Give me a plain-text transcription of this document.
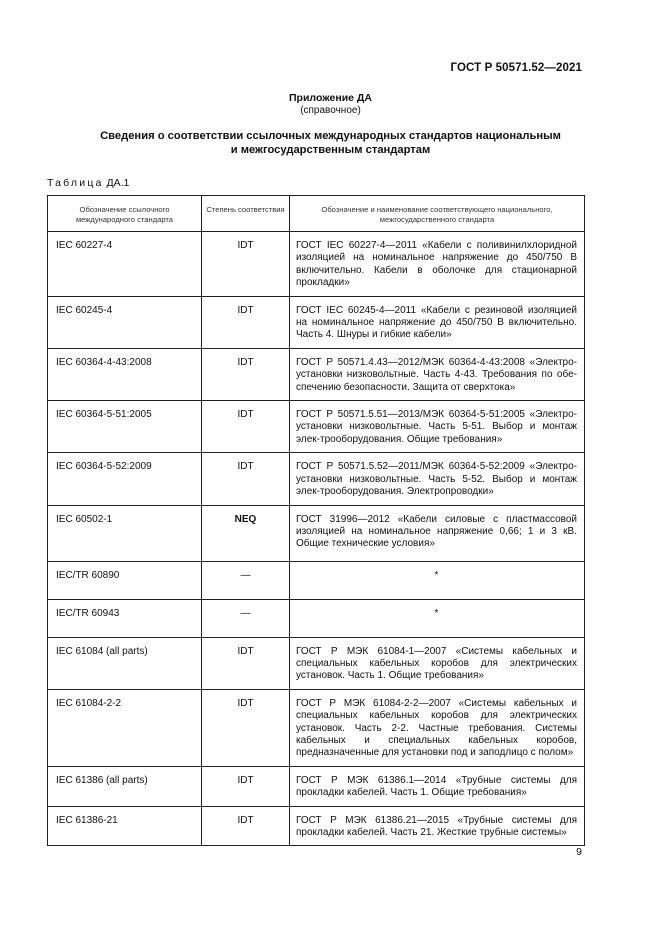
ГОСТ Р 50571.52—2021
Приложение ДА
(справочное)
Сведения о соответствии ссылочных международных стандартов национальным
и межгосударственным стандартам
Таблица ДА.1
Обозначение ссылочного международного стандарта	Степень соответствия	Обозначение и наименование соответствующего национального, межгосударственного стандарта
IEC 60227-4	IDT	ГОСТ IEC 60227-4—2011 «Кабели с поливинилхлоридной изоляцией на номинальное напряжение до 450/750 В включительно. Кабели в оболочке для стационарной прокладки»
IEC 60245-4	IDT	ГОСТ IEC 60245-4—2011 «Кабели с резиновой изоляцией на номинальное напряжение до 450/750 В включительно. Часть 4. Шнуры и гибкие кабели»
IEC 60364-4-43:2008	IDT	ГОСТ Р 50571.4.43—2012/МЭК 60364-4-43:2008 «Электро-установки низковольтные. Часть 4-43. Требования по обе-спечению безопасности. Защита от сверхтока»
IEC 60364-5-51:2005	IDT	ГОСТ Р 50571.5.51—2013/МЭК 60364-5-51:2005 «Электро-установки низковольтные. Часть 5-51. Выбор и монтаж элек-трооборудования. Общие требования»
IEC 60364-5-52:2009	IDT	ГОСТ Р 50571.5.52—2011/МЭК 60364-5-52:2009 «Электро-установки низковольтные. Часть 5-52. Выбор и монтаж элек-трооборудования. Электропроводки»
IEC 60502-1	NEQ	ГОСТ 31996—2012 «Кабели силовые с пластмассовой изоляцией на номинальное напряжение 0,66; 1 и 3 кВ. Общие технические условия»
IEC/TR 60890	—	*
IEC/TR 60943	—	*
IEC 61084 (all parts)	IDT	ГОСТ Р МЭК 61084-1—2007 «Системы кабельных и специальных кабельных коробов для электрических установок. Часть 1. Общие требования»
IEC 61084-2-2	IDT	ГОСТ Р МЭК 61084-2-2—2007 «Системы кабельных и специальных кабельных коробов для электрических установок. Часть 2-2. Частные требования. Системы кабельных и специальных кабельных коробов, предназначенные для установки под и заподлицо с полом»
IEC 61386 (all parts)	IDT	ГОСТ Р МЭК 61386.1—2014 «Трубные системы для прокладки кабелей. Часть 1. Общие требования»
IEC 61386-21	IDT	ГОСТ Р МЭК 61386.21—2015 «Трубные системы для прокладки кабелей. Часть 21. Жесткие трубные системы»
9
